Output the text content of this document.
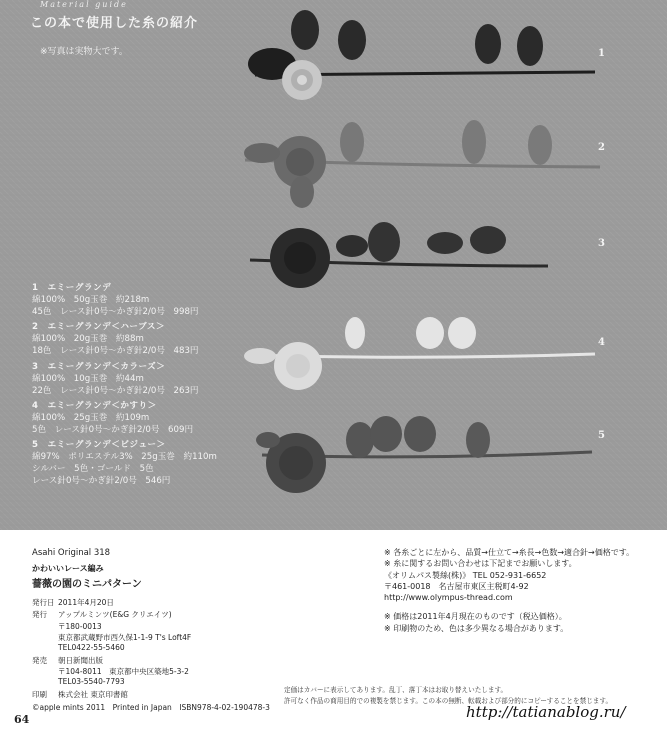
Material guide
この本で使用した糸の紹介
※写真は実物大です。	1
2
3
4
5
1　エミーグランデ
綿100%　50g玉巻　約218m
45色　レース針0号～かぎ針2/0号　998円
2　エミーグランデ＜ハーブス＞
綿100%　20g玉巻　約88m
18色　レース針0号～かぎ針2/0号　483円
3　エミーグランデ＜カラーズ＞
綿100%　10g玉巻　約44m
22色　レース針0号～かぎ針2/0号　263円
4　エミーグランデ＜かすり＞
綿100%　25g玉巻　約109m
5色　レース針0号～かぎ針2/0号　609円
5　エミーグランデ＜ビジュー＞
綿97%　ポリエステル3%　25g玉巻　約110m
シルバー　5色・ゴールド　5色
レース針0号～かぎ針2/0号　546円
Asahi Original 318
かわいいレース編み
薔薇の園のミニパターン
発行日 2011年4月20日
発行 アップルミンツ(E&G クリエイツ)
〒180-0013
東京都武蔵野市西久保1-1-9 T's Loft4F
TEL0422-55-5460
発売 朝日新聞出版
〒104-8011　東京都中央区築地5-3-2
TEL03-5540-7793
印刷 株式会社 東京印書館
©apple mints 2011　Printed in Japan　ISBN978-4-02-190478-3
※ 各糸ごとに左から、品質→仕立て→糸長→色数→適合針→価格です。
※ 糸に関するお問い合わせは下記までお願いします。
《オリムパス製絲(株)》 TEL 052-931-6652
〒461-0018　名古屋市東区主税町4-92
http://www.olympus-thread.com
※ 価格は2011年4月現在のものです（税込価格）。
※ 印刷物のため、色は多少異なる場合があります。
定価はカバーに表示してあります。乱丁、落丁本はお取り替えいたします。
許可なく作品の商用目的での複製を禁じます。この本の無断、転載および部分的にコピーすることを禁じます。
64	http://tatianablog.ru/
